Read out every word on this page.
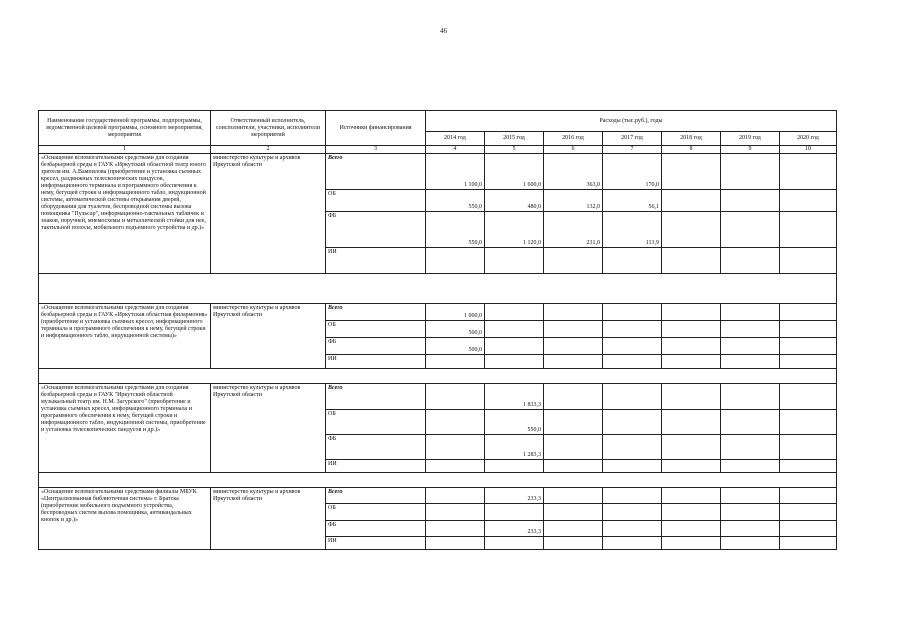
46
Наименование государственной программы, подпрограммы, ведомственной целевой программы, основного мероприятия, мероприятия	Ответственный исполнитель, соисполнители, участники, исполнители мероприятий	Источники финансирования	Расходы (тыс.руб.), годы						
			2014 год	2015 год	2016 год	2017 год	2018 год	2019 год	2020 год
1	2	3	4	5	6	7	8	9	10
«Оснащение вспомогательными средствами для создания безбарьерной среды в ГАУК «Иркутский областной театр юного зрителя им. А.Вампилова (приобретение и установка съемных кресел, раздвижных телескопических пандусов, информационного терминала и программного обеспечения к нему, бегущей строки и информационного табло, индукционной системы, автоматической системы открывания дверей, оборудования для туалетов, беспроводной системы вызова помощника "Пульсар", информационно-тактильных табличек и знаков, поручней, мнемосхемы и металлической стойки для нее, тактильной полосы, мобильного подъемного устройства и др.)»	министерство культуры и архивов Иркутской области	Всего	1 100,0	1 600,0	363,0	170,0			
		ОБ	550,0	480,0	132,0	56,1			
		ФБ	550,0	1 120,0	231,0	113,9			
		ИИ							

«Оснащение вспомогательными средствами для создания безбарьерной среды в ГАУК «Иркутская областная филармония» (приобретение и установка съемных кресел, информационного терминала и программного обеспечения к нему, бегущей строки и информационного табло, индукционной системы)»	министерство культуры и архивов Иркутской области	Всего	1 000,0						
		ОБ	500,0						
		ФБ	500,0						
		ИИ							

«Оснащение вспомогательными средствами для создания безбарьерной среды в ГАУК "Иркутский областной музыкальный театр им. Н.М. Загурского" (приобретение и установка съемных кресел, информационного терминала и программного обеспечения к нему, бегущей строки и информационного табло, индукционной системы, приобретение и установка телескопических пандусов и др.)»	министерство культуры и архивов Иркутской области	Всего		1 833,3					
		ОБ		550,0					
		ФБ		1 283,3					
		ИИ							

«Оснащение вспомогательными средствами филиалы МБУК «Централизованная библиотечная система» г. Братска (приобретение мобильного подъемного устройства, беспроводных систем вызова помощника, антивандальных кнопок и др.)»	министерство культуры и архивов Иркутской области	Всего		233,3					
		ОБ							
		ФБ		233,3					
		ИИ							
